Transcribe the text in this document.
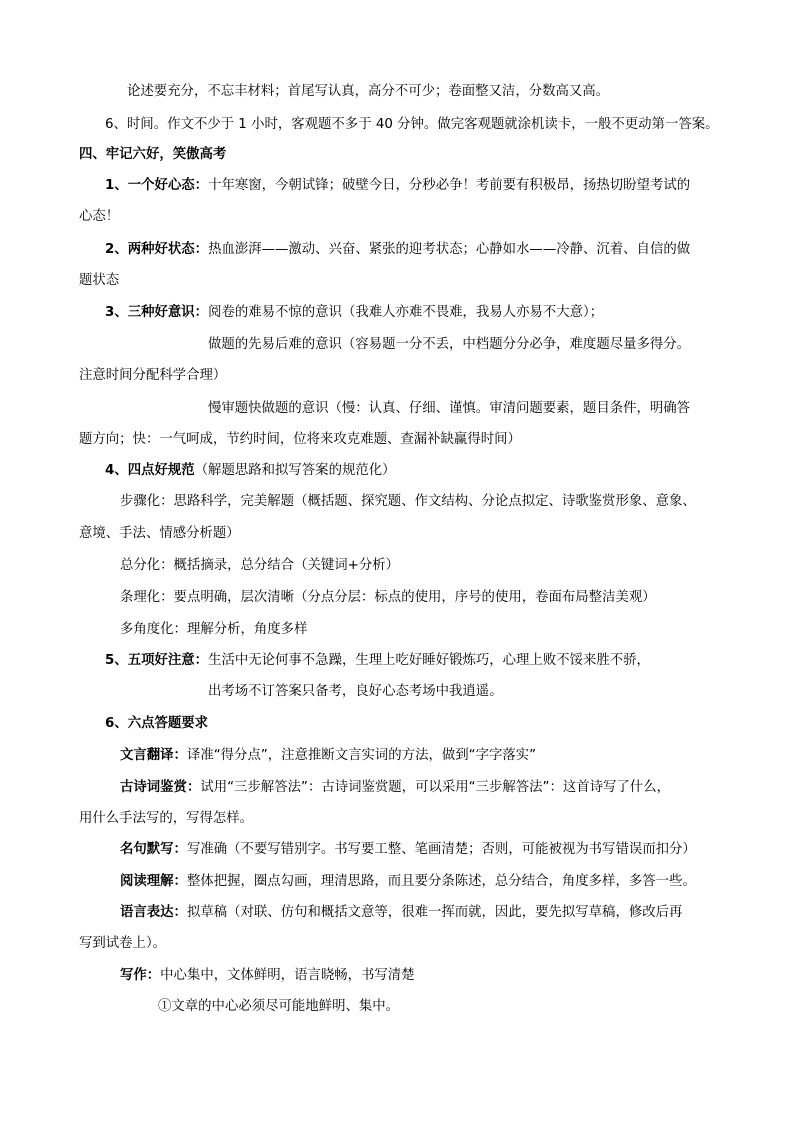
论述要充分，不忘丰材料；首尾写认真，高分不可少；卷面整又洁，分数高又高。
6、时间。作文不少于 1 小时，客观题不多于 40 分钟。做完客观题就涂机读卡，一般不更动第一答案。
四、牢记六好，笑傲高考
1、一个好心态：十年寒窗，今朝试锋；破壁今日，分秒必争！考前要有积极昂，扬热切盼望考试的
心态！
2、两种好状态：热血澎湃——激动、兴奋、紧张的迎考状态；心静如水——冷静、沉着、自信的做
题状态
3、三种好意识：阅卷的难易不惊的意识（我难人亦难不畏难，我易人亦易不大意）；
做题的先易后难的意识（容易题一分不丢，中档题分分必争，难度题尽量多得分。
注意时间分配科学合理）
慢审题快做题的意识（慢：认真、仔细、谨慎。审清问题要素，题目条件，明确答
题方向；快：一气呵成，节约时间，位将来攻克难题、查漏补缺赢得时间）
4、四点好规范（解题思路和拟写答案的规范化）
步骤化：思路科学，完美解题（概括题、探究题、作文结构、分论点拟定、诗歌鉴赏形象、意象、
意境、手法、情感分析题）
总分化：概括摘录，总分结合（关键词+分析）
条理化：要点明确，层次清晰（分点分层：标点的使用，序号的使用，卷面布局整洁美观）
多角度化：理解分析，角度多样
5、五项好注意：生活中无论何事不急躁，生理上吃好睡好锻炼巧，心理上败不馁来胜不骄，
出考场不订答案只备考，良好心态考场中我逍遥。
6、六点答题要求
文言翻译：译准“得分点”，注意推断文言实词的方法，做到“字字落实”
古诗词鉴赏：试用“三步解答法”：古诗词鉴赏题，可以采用“三步解答法”：这首诗写了什么，
用什么手法写的，写得怎样。
名句默写：写准确（不要写错别字。书写要工整、笔画清楚；否则，可能被视为书写错误而扣分）
阅读理解：整体把握，圈点勾画，理清思路，而且要分条陈述，总分结合，角度多样，多答一些。
语言表达：拟草稿（对联、仿句和概括文意等，很难一挥而就，因此，要先拟写草稿，修改后再
写到试卷上）。
写作：中心集中，文体鲜明，语言晓畅，书写清楚
①文章的中心必须尽可能地鲜明、集中。
